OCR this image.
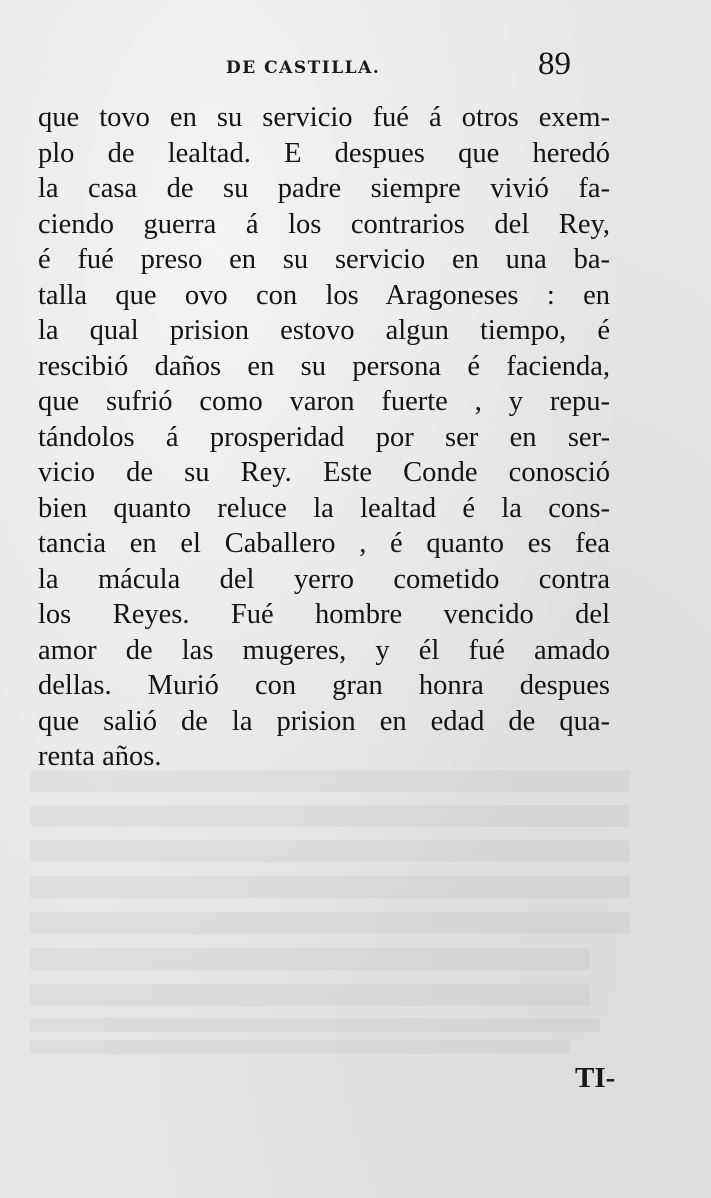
DE CASTILLA.	89
que tovo en su servicio fué á otros exem-
plo de lealtad. E despues que heredó
la casa de su padre siempre vivió fa-
ciendo guerra á los contrarios del Rey,
é fué preso en su servicio en una ba-
talla que ovo con los Aragoneses : en
la qual prision estovo algun tiempo, é
rescibió daños en su persona é facienda,
que sufrió como varon fuerte , y repu-
tándolos á prosperidad por ser en ser-
vicio de su Rey. Este Conde conosció
bien quanto reluce la lealtad é la cons-
tancia en el Caballero , é quanto es fea
la mácula del yerro cometido contra
los Reyes. Fué hombre vencido del
amor de las mugeres, y él fué amado
dellas. Murió con gran honra despues
que salió de la prision en edad de qua-
renta años.
TI-
